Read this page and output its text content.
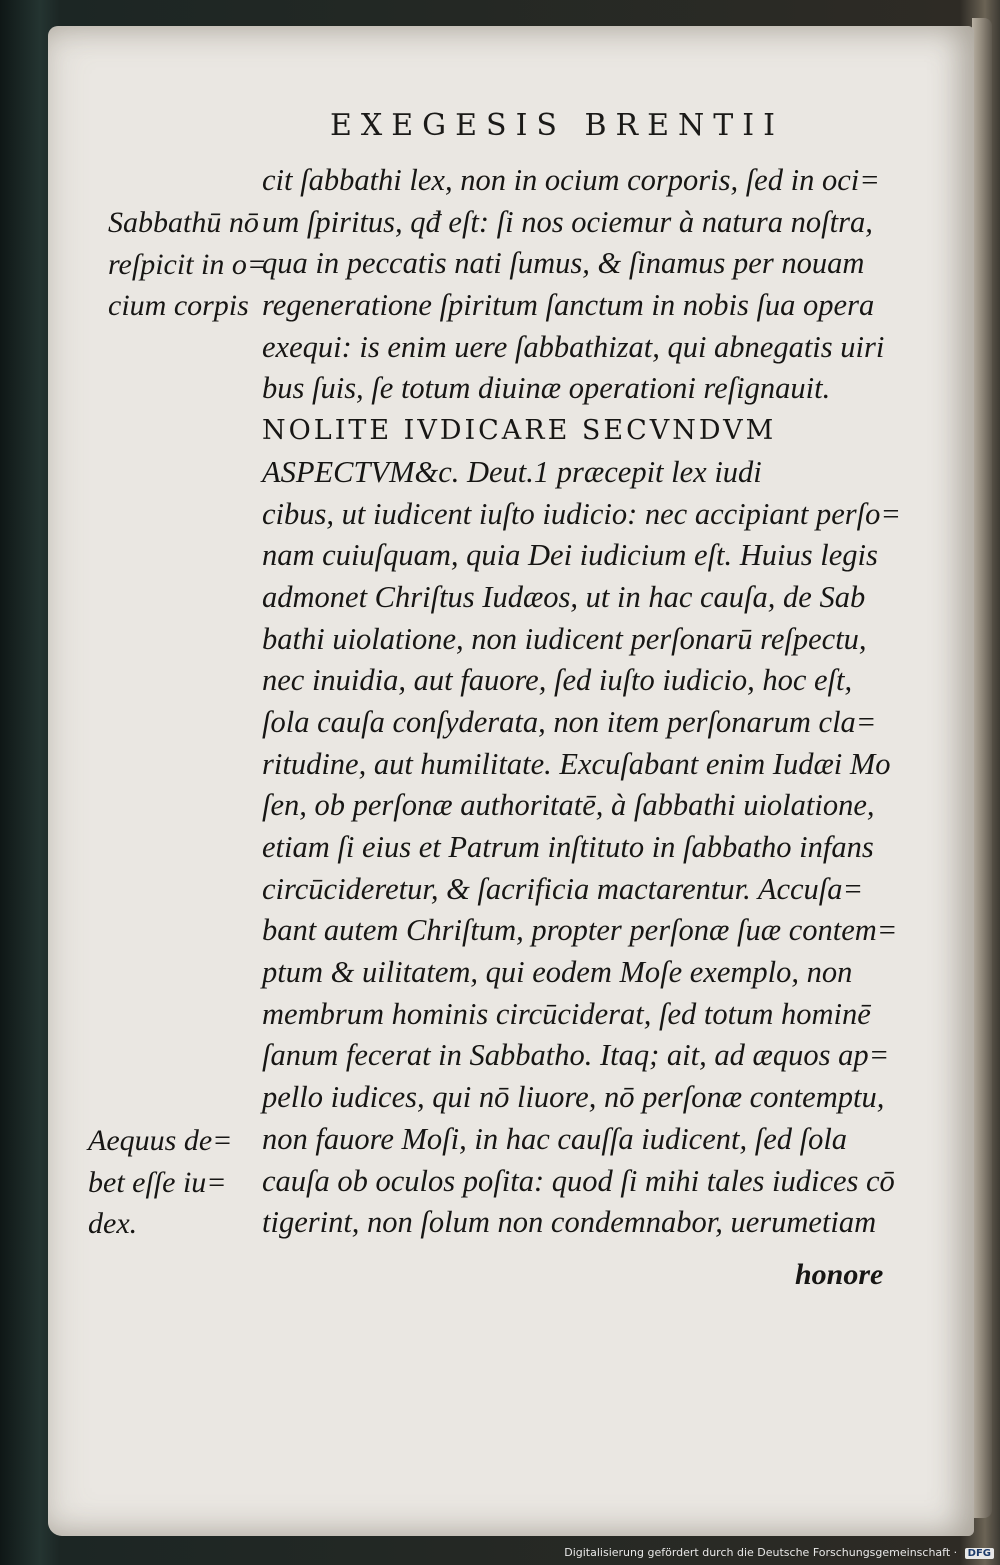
EXEGESIS BRENTII
Sabbathū nō
reſpicit in o=
cium corpis
cit ſabbathi lex, non in ocium corporis, ſed in oci=
um ſpiritus, qđ eſt: ſi nos ociemur à natura noſtra,
qua in peccatis nati ſumus, & ſinamus per nouam
regeneratione ſpiritum ſanctum in nobis ſua opera
exequi: is enim uere ſabbathizat, qui abnegatis uiri
bus ſuis, ſe totum diuinæ operationi reſignauit.
NOLITE IVDICARE SECVNDVM
ASPECTVM&c. Deut.1 præcepit lex iudi
cibus, ut iudicent iuſto iudicio: nec accipiant perſo=
nam cuiuſquam, quia Dei iudicium eſt. Huius legis
admonet Chriſtus Iudæos, ut in hac cauſa, de Sab
bathi uiolatione, non iudicent perſonarū reſpectu,
nec inuidia, aut fauore, ſed iuſto iudicio, hoc eſt,
ſola cauſa conſyderata, non item perſonarum cla=
ritudine, aut humilitate. Excuſabant enim Iudæi Mo
ſen, ob perſonæ authoritatē, à ſabbathi uiolatione,
etiam ſi eius et Patrum inſtituto in ſabbatho infans
circūcideretur, & ſacrificia mactarentur. Accuſa=
bant autem Chriſtum, propter perſonæ ſuæ contem=
ptum & uilitatem, qui eodem Moſe exemplo, non
membrum hominis circūciderat, ſed totum hominē
ſanum fecerat in Sabbatho. Itaq; ait, ad æquos ap=
pello iudices, qui nō liuore, nō perſonæ contemptu,
non fauore Moſi, in hac cauſſa iudicent, ſed ſola
cauſa ob oculos poſita: quod ſi mihi tales iudices cō
tigerint, non ſolum non condemnabor, uerumetiam
Aequus de=
bet eſſe iu=
dex.
honore
Digitalisierung gefördert durch die Deutsche Forschungsgemeinschaft · DFG
